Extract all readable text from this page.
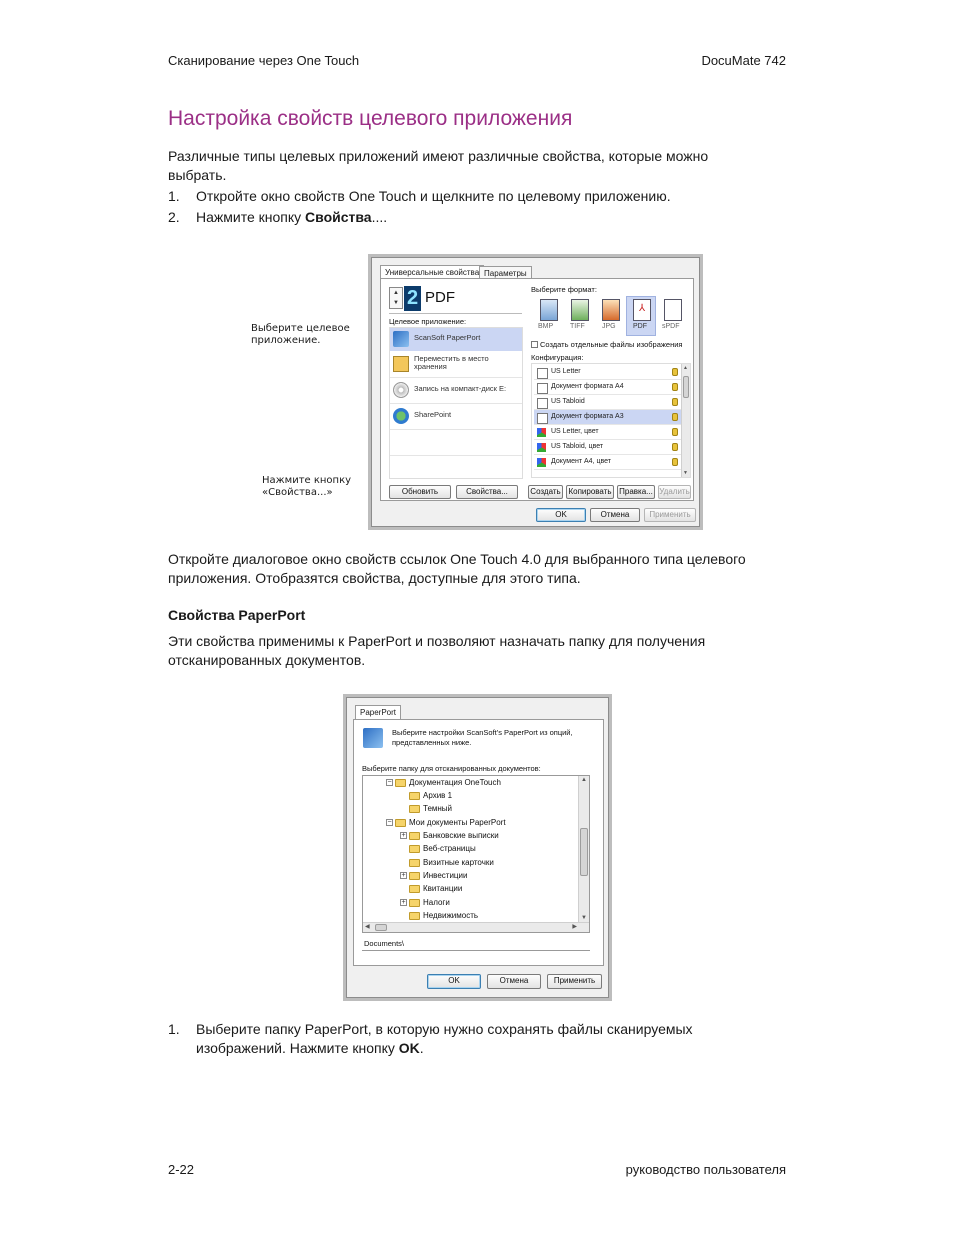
Сканирование через One Touch	DocuMate 742
Настройка свойств целевого приложения
Различные типы целевых приложений имеют различные свойства, которые можно выбрать.
1. Откройте окно свойств One Touch и щелкните по целевому приложению.
2. Нажмите кнопку Свойства....
Выберите целевое приложение.
Нажмите кнопку «Свойства...»
Универсальные свойства Параметры
▲
▼ 2 PDF
Целевое приложение:
ScanSoft PaperPort
Переместить в место хранения
Запись на компакт-диск E:
SharePoint
Выберите формат:
BMP TIFF JPG
⅄
PDF sPDF
Создать отдельные файлы изображения
Конфигурация:
US Letter
Документ формата A4
US Tabloid
Документ формата A3
US Letter, цвет
US Tabloid, цвет
Документ A4, цвет
▲
▼
Обновить	Свойства...	Создать Копировать Правка... Удалить
OK	Отмена	Применить
Откройте диалоговое окно свойств ссылок One Touch 4.0 для выбранного типа целевого приложения. Отобразятся свойства, доступные для этого типа.
Свойства PaperPort
Эти свойства применимы к PaperPort и позволяют назначать папку для получения отсканированных документов.
PaperPort
Выберите настройки ScanSoft's PaperPort из опций, представленных ниже.
Выберите папку для отсканированных документов:
− Документация OneTouch
Архив 1
Темный
− Мои документы PaperPort
+ Банковские выписки
Веб-страницы
Визитные карточки
+ Инвестиции
Квитанции
+ Налоги
Недвижимость
▲
▼
◀	▶
Documents\
OK	Отмена	Применить
1. Выберите папку PaperPort, в которую нужно сохранять файлы сканируемых изображений. Нажмите кнопку OK.
2-22	руководство пользователя
